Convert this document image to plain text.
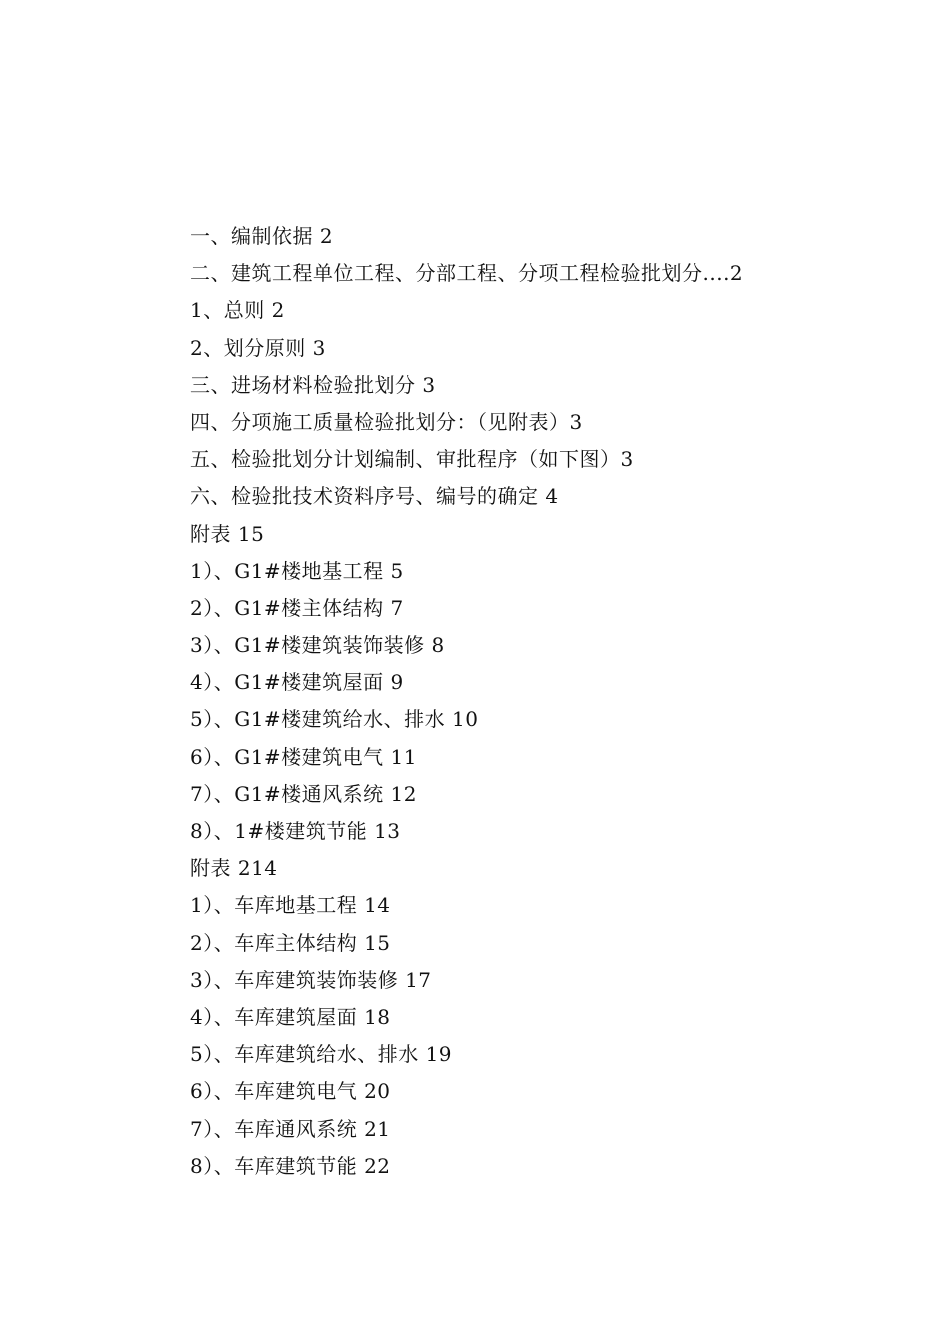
一、编制依据 2
二、建筑工程单位工程、分部工程、分项工程检验批划分....2
1、总则 2
2、划分原则 3
三、进场材料检验批划分 3
四、分项施工质量检验批划分：（见附表）3
五、检验批划分计划编制、审批程序（如下图）3
六、检验批技术资料序号、编号的确定 4
附表 15
1）、G1#楼地基工程 5
2）、G1#楼主体结构 7
3）、G1#楼建筑装饰装修 8
4）、G1#楼建筑屋面 9
5）、G1#楼建筑给水、排水 10
6）、G1#楼建筑电气 11
7）、G1#楼通风系统 12
8）、1#楼建筑节能 13
附表 214
1）、车库地基工程 14
2）、车库主体结构 15
3）、车库建筑装饰装修 17
4）、车库建筑屋面 18
5）、车库建筑给水、排水 19
6）、车库建筑电气 20
7）、车库通风系统 21
8）、车库建筑节能 22
